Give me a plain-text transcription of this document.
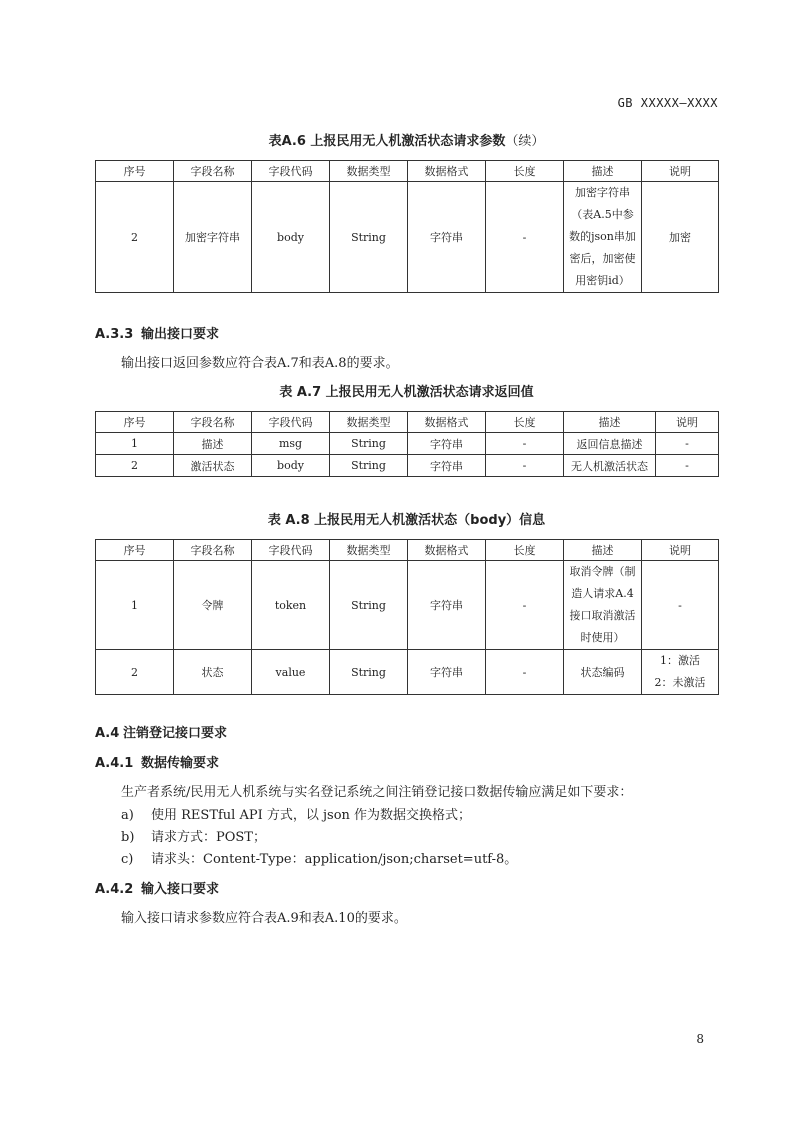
GB XXXXX—XXXX
表A.6 上报民用无人机激活状态请求参数（续）
序号	字段名称	字段代码	数据类型	数据格式	长度	描述	说明
2	加密字符串	body	String	字符串	-	加密字符串
（表A.5中参
数的json串加
密后，加密使
用密钥id）	加密
A.3.3 输出接口要求
输出接口返回参数应符合表A.7和表A.8的要求。
表 A.7 上报民用无人机激活状态请求返回值
序号	字段名称	字段代码	数据类型	数据格式	长度	描述	说明
1	描述	msg	String	字符串	-	返回信息描述	-
2	激活状态	body	String	字符串	-	无人机激活状态	-
表 A.8 上报民用无人机激活状态（body）信息
序号	字段名称	字段代码	数据类型	数据格式	长度	描述	说明
1	令牌	token	String	字符串	-	取消令牌（制
造人请求A.4
接口取消激活
时使用）	-

2	状态	value	String	字符串	-	状态编码	1：激活
2：未激活
A.4 注销登记接口要求
A.4.1 数据传输要求
生产者系统/民用无人机系统与实名登记系统之间注销登记接口数据传输应满足如下要求：
a) 使用 RESTful API 方式，以 json 作为数据交换格式；
b) 请求方式：POST；
c) 请求头：Content-Type：application/json;charset=utf-8。
A.4.2 输入接口要求
输入接口请求参数应符合表A.9和表A.10的要求。
8
